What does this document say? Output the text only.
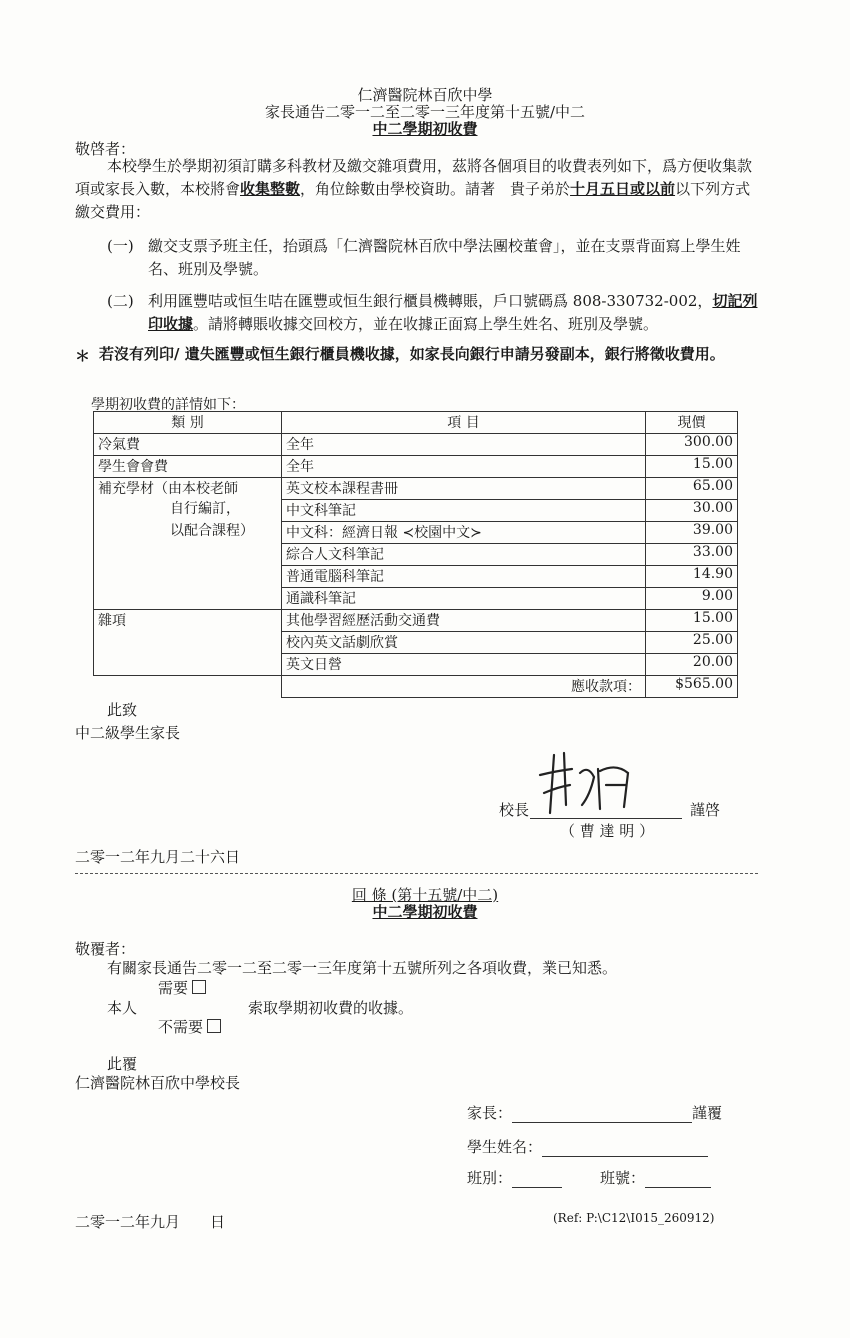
仁濟醫院林百欣中學
家長通告二零一二至二零一三年度第十五號/中二
中二學期初收費
敬啓者：
本校學生於學期初須訂購多科教材及繳交雜項費用，茲將各個項目的收費表列如下，爲方便收集款項或家長入數，本校將會收集整數，角位餘數由學校資助。請著　貴子弟於十月五日或以前以下列方式繳交費用：
(一) 繳交支票予班主任，抬頭爲「仁濟醫院林百欣中學法團校董會」，並在支票背面寫上學生姓名、班別及學號。
(二) 利用匯豐咭或恒生咭在匯豐或恒生銀行櫃員機轉賬，戶口號碼爲 808-330732-002，切記列印收據。請將轉賬收據交回校方，並在收據正面寫上學生姓名、班別及學號。
＊ 若沒有列印/ 遺失匯豐或恒生銀行櫃員機收據，如家長向銀行申請另發副本，銀行將徵收費用。
學期初收費的詳情如下：
類 別	項 目	現價
冷氣費	全年	300.00
學生會會費	全年	15.00
補充學材（由本校老師
自行編訂，
以配合課程）	英文校本課程書冊	65.00
	中文科筆記	30.00
	中文科：經濟日報 ≺校園中文≻	39.00
	綜合人文科筆記	33.00
	普通電腦科筆記	14.90
	通識科筆記	9.00
雜項	其他學習經歷活動交通費	15.00
	校內英文話劇欣賞	25.00
	英文日營	20.00
	應收款項：	$565.00
此致
中二級學生家長
校長	謹啓
（ 曹 達 明 ）
二零一二年九月二十六日
回 條 (第十五號/中二)
中二學期初收費
敬覆者：
有關家長通告二零一二至二零一三年度第十五號所列之各項收費，業已知悉。
需要
本人	索取學期初收費的收據。
不需要
此覆
仁濟醫院林百欣中學校長
家長：	謹覆
學生姓名：
班別：	班號：
二零一二年九月　　日	(Ref: P:\C12\I015_260912)
